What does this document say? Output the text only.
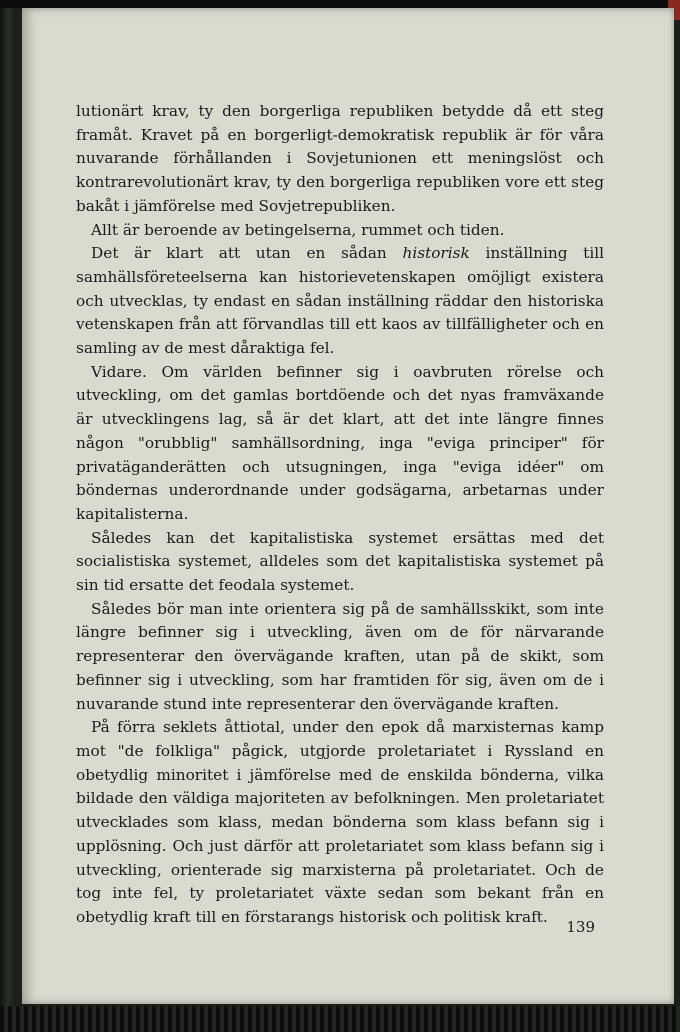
lutionärt krav, ty den borgerliga republiken betydde då ett steg framåt. Kravet på en borgerligt-demokratisk republik är för våra nuvarande förhållanden i Sovjetunionen ett meningslöst och kontrarevolutionärt krav, ty den borgerliga republiken vore ett steg bakåt i jämförelse med Sovjetrepubliken.

Allt är beroende av betingelserna, rummet och tiden.

Det är klart att utan en sådan historisk inställning till samhällsföreteelserna kan historievetenskapen omöjligt existera och utvecklas, ty endast en sådan inställning räddar den historiska vetenskapen från att förvandlas till ett kaos av tillfälligheter och en samling av de mest dåraktiga fel.

Vidare. Om världen befinner sig i oavbruten rörelse och utveckling, om det gamlas bortdöende och det nyas framväxande är utvecklingens lag, så är det klart, att det inte längre finnes någon "orubblig" samhällsordning, inga "eviga principer" för privatäganderätten och utsugningen, inga "eviga idéer" om böndernas underordnande under godsägarna, arbetarnas under kapitalisterna.

Således kan det kapitalistiska systemet ersättas med det socialistiska systemet, alldeles som det kapitalistiska systemet på sin tid ersatte det feodala systemet.

Således bör man inte orientera sig på de samhällsskikt, som inte längre befinner sig i utveckling, även om de för närvarande representerar den övervägande kraften, utan på de skikt, som befinner sig i utveckling, som har framtiden för sig, även om de i nuvarande stund inte representerar den övervägande kraften.

På förra seklets åttiotal, under den epok då marxisternas kamp mot "de folkliga" pågick, utgjorde proletariatet i Ryssland en obetydlig minoritet i jämförelse med de enskilda bönderna, vilka bildade den väldiga majoriteten av befolkningen. Men proletariatet utvecklades som klass, medan bönderna som klass befann sig i upplösning. Och just därför att proletariatet som klass befann sig i utveckling, orienterade sig marxisterna på proletariatet. Och de tog inte fel, ty proletariatet växte sedan som bekant från en obetydlig kraft till en förstarangs historisk och politisk kraft.

139
